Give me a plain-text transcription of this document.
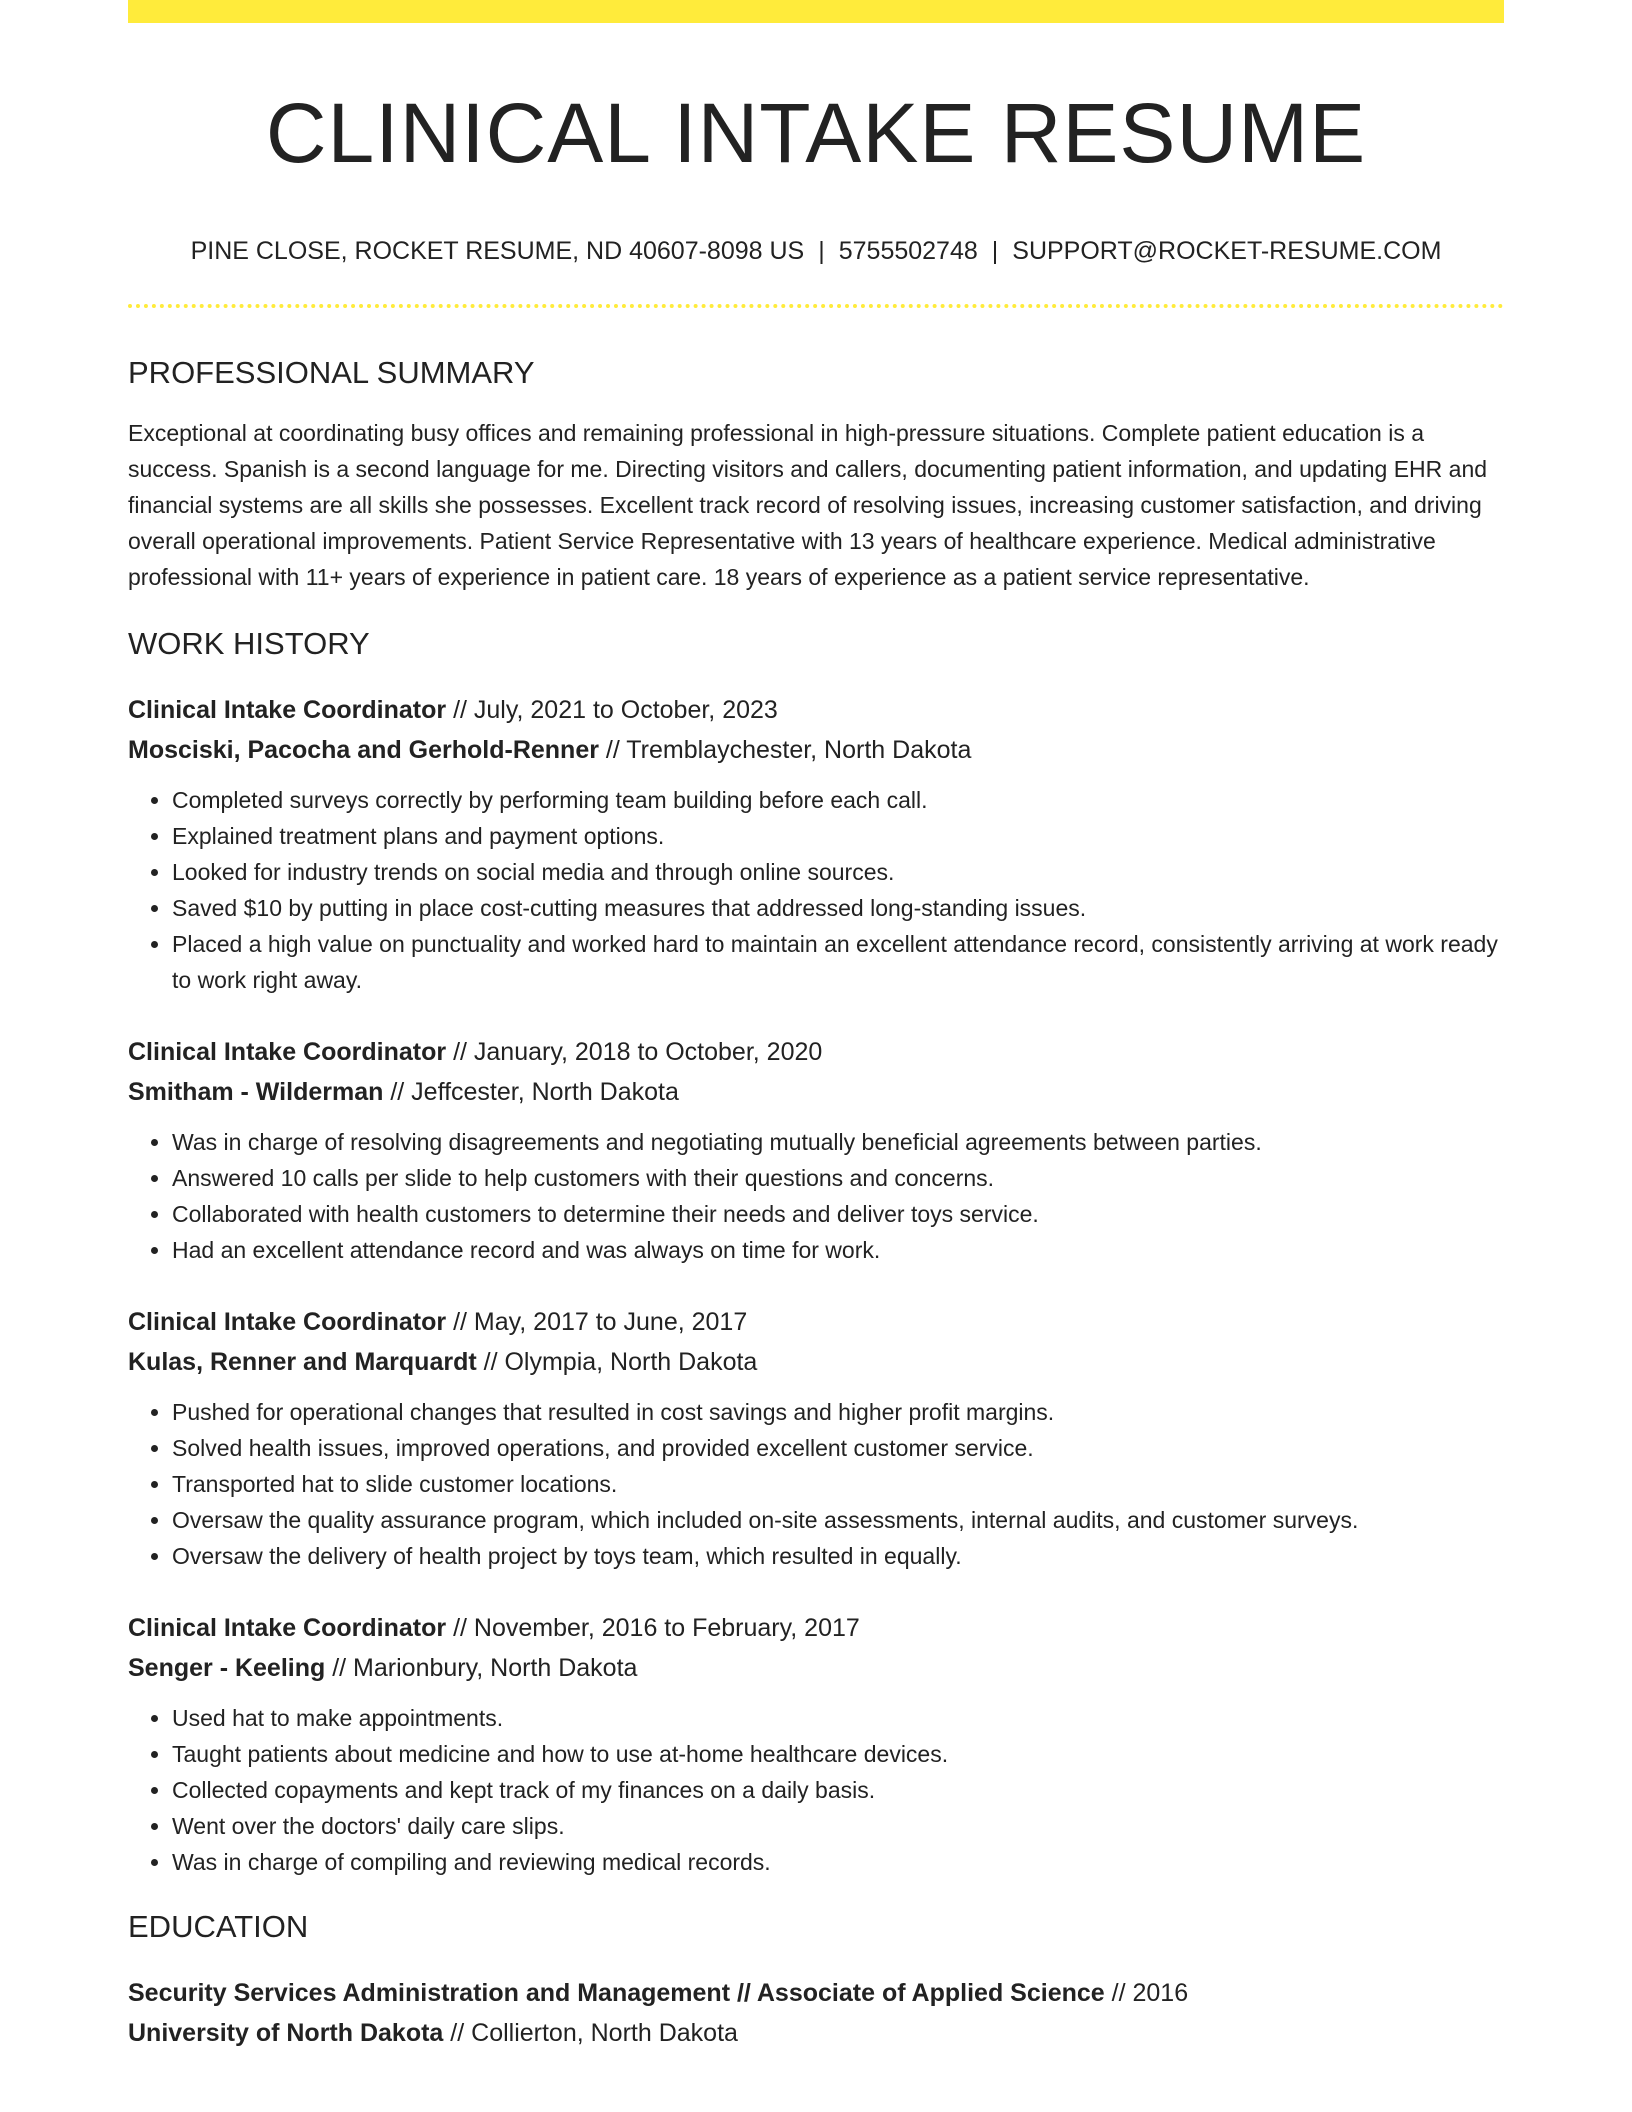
CLINICAL INTAKE RESUME
PINE CLOSE, ROCKET RESUME, ND 40607-8098 US | 5755502748 | SUPPORT@ROCKET-RESUME.COM
PROFESSIONAL SUMMARY

Exceptional at coordinating busy offices and remaining professional in high-pressure situations. Complete patient education is a success. Spanish is a second language for me. Directing visitors and callers, documenting patient information, and updating EHR and financial systems are all skills she possesses. Excellent track record of resolving issues, increasing customer satisfaction, and driving overall operational improvements. Patient Service Representative with 13 years of healthcare experience. Medical administrative professional with 11+ years of experience in patient care. 18 years of experience as a patient service representative.

WORK HISTORY
Clinical Intake Coordinator // July, 2021 to October, 2023
Mosciski, Pacocha and Gerhold-Renner // Tremblaychester, North Dakota
• Completed surveys correctly by performing team building before each call.
• Explained treatment plans and payment options.
• Looked for industry trends on social media and through online sources.
• Saved $10 by putting in place cost-cutting measures that addressed long-standing issues.
• Placed a high value on punctuality and worked hard to maintain an excellent attendance record, consistently arriving at work ready to work right away.
Clinical Intake Coordinator // January, 2018 to October, 2020
Smitham - Wilderman // Jeffcester, North Dakota
• Was in charge of resolving disagreements and negotiating mutually beneficial agreements between parties.
• Answered 10 calls per slide to help customers with their questions and concerns.
• Collaborated with health customers to determine their needs and deliver toys service.
• Had an excellent attendance record and was always on time for work.
Clinical Intake Coordinator // May, 2017 to June, 2017
Kulas, Renner and Marquardt // Olympia, North Dakota
• Pushed for operational changes that resulted in cost savings and higher profit margins.
• Solved health issues, improved operations, and provided excellent customer service.
• Transported hat to slide customer locations.
• Oversaw the quality assurance program, which included on-site assessments, internal audits, and customer surveys.
• Oversaw the delivery of health project by toys team, which resulted in equally.
Clinical Intake Coordinator // November, 2016 to February, 2017
Senger - Keeling // Marionbury, North Dakota
• Used hat to make appointments.
• Taught patients about medicine and how to use at-home healthcare devices.
• Collected copayments and kept track of my finances on a daily basis.
• Went over the doctors' daily care slips.
• Was in charge of compiling and reviewing medical records.
EDUCATION
Security Services Administration and Management // Associate of Applied Science // 2016
University of North Dakota // Collierton, North Dakota
